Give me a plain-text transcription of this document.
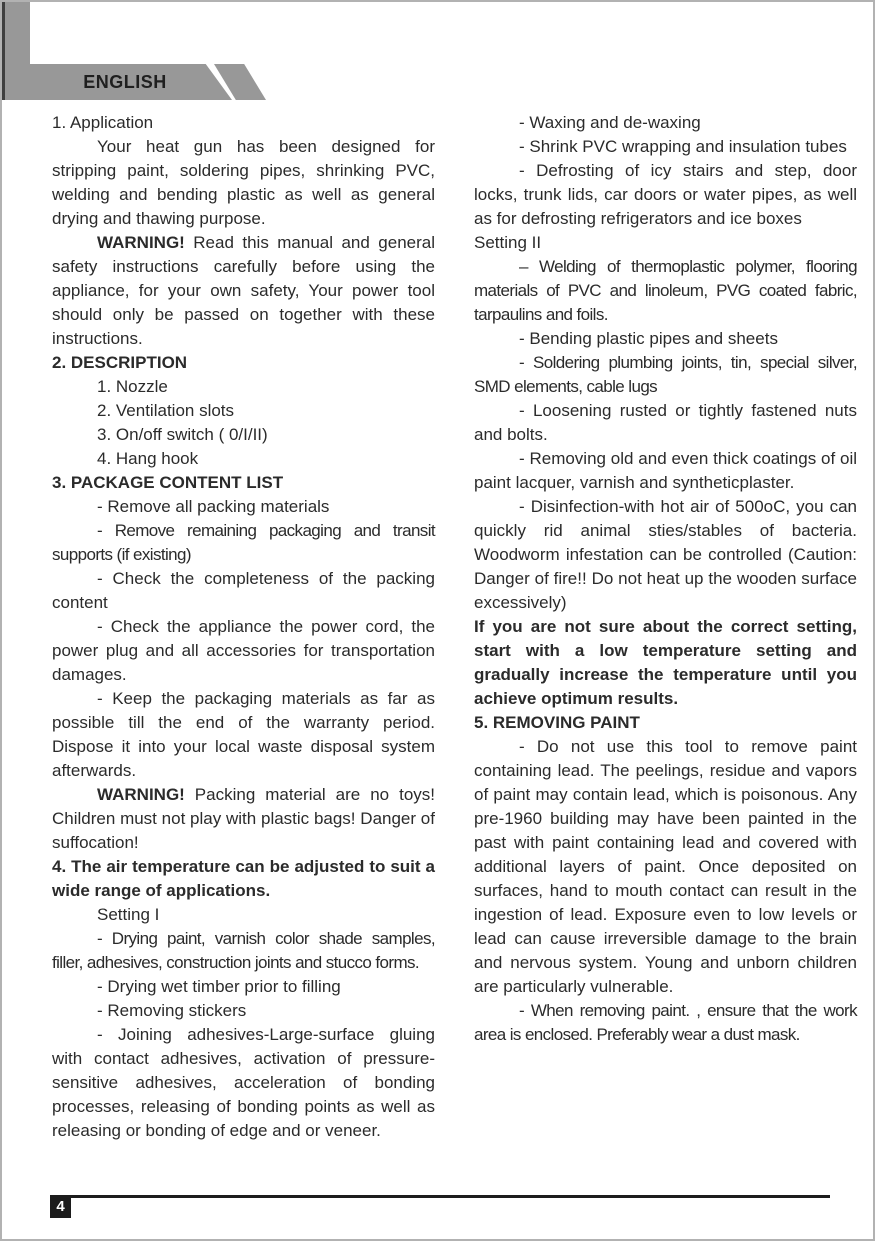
ENGLISH

1. Application

Your heat gun has been designed for stripping paint, soldering pipes, shrinking PVC, welding and bending plastic as well as general drying and thawing purpose.

WARNING! Read this manual and general safety instructions carefully before using the appliance, for your own safety, Your power tool should only be passed on together with these instructions.

2. DESCRIPTION

1. Nozzle

2. Ventilation slots

3. On/off switch ( 0/I/II)

4. Hang hook

3. PACKAGE CONTENT LIST

- Remove all packing materials

- Remove remaining packaging and transit supports (if existing)

- Check the completeness of the packing content

- Check the appliance the power cord, the power plug and all accessories for transportation damages.

- Keep the packaging materials as far as possible till the end of the warranty period. Dispose it into your local waste disposal system afterwards.

WARNING! Packing material are no toys! Children must not play with plastic bags! Danger of suffocation!

4. The air temperature can be adjusted to suit a wide range of applications.

Setting I

- Drying paint, varnish color shade samples, filler, adhesives, construction joints and stucco forms.

- Drying wet timber prior to filling

- Removing stickers

- Joining adhesives-Large-surface gluing with contact adhesives, activation of pressure-sensitive adhesives, acceleration of bonding processes, releasing of bonding points as well as releasing or bonding of edge and or veneer.

- Waxing and de-waxing

- Shrink PVC wrapping and insulation tubes

- Defrosting of icy stairs and step, door locks, trunk lids, car doors or water pipes, as well as for defrosting refrigerators and ice boxes

Setting II

– Welding of thermoplastic polymer, flooring materials of PVC and linoleum, PVG coated fabric, tarpaulins and foils.

- Bending plastic pipes and sheets

- Soldering plumbing joints, tin, special silver, SMD elements, cable lugs

- Loosening rusted or tightly fastened nuts and bolts.

- Removing old and even thick coatings of oil paint lacquer, varnish and syntheticplaster.

- Disinfection-with hot air of 500oC, you can quickly rid animal sties/stables of bacteria. Woodworm infestation can be controlled (Caution: Danger of fire!! Do not heat up the wooden surface excessively)

If you are not sure about the correct setting, start with a low temperature setting and gradually increase the temperature until you achieve optimum results.

5. REMOVING PAINT

- Do not use this tool to remove paint containing lead. The peelings, residue and vapors of paint may contain lead, which is poisonous. Any pre-1960 building may have been painted in the past with paint containing lead and covered with additional layers of paint. Once deposited on surfaces, hand to mouth contact can result in the ingestion of lead. Exposure even to low levels or lead can cause irreversible damage to the brain and nervous system. Young and unborn children are particularly vulnerable.

- When removing paint. , ensure that the work area is enclosed. Preferably wear a dust mask.

4
